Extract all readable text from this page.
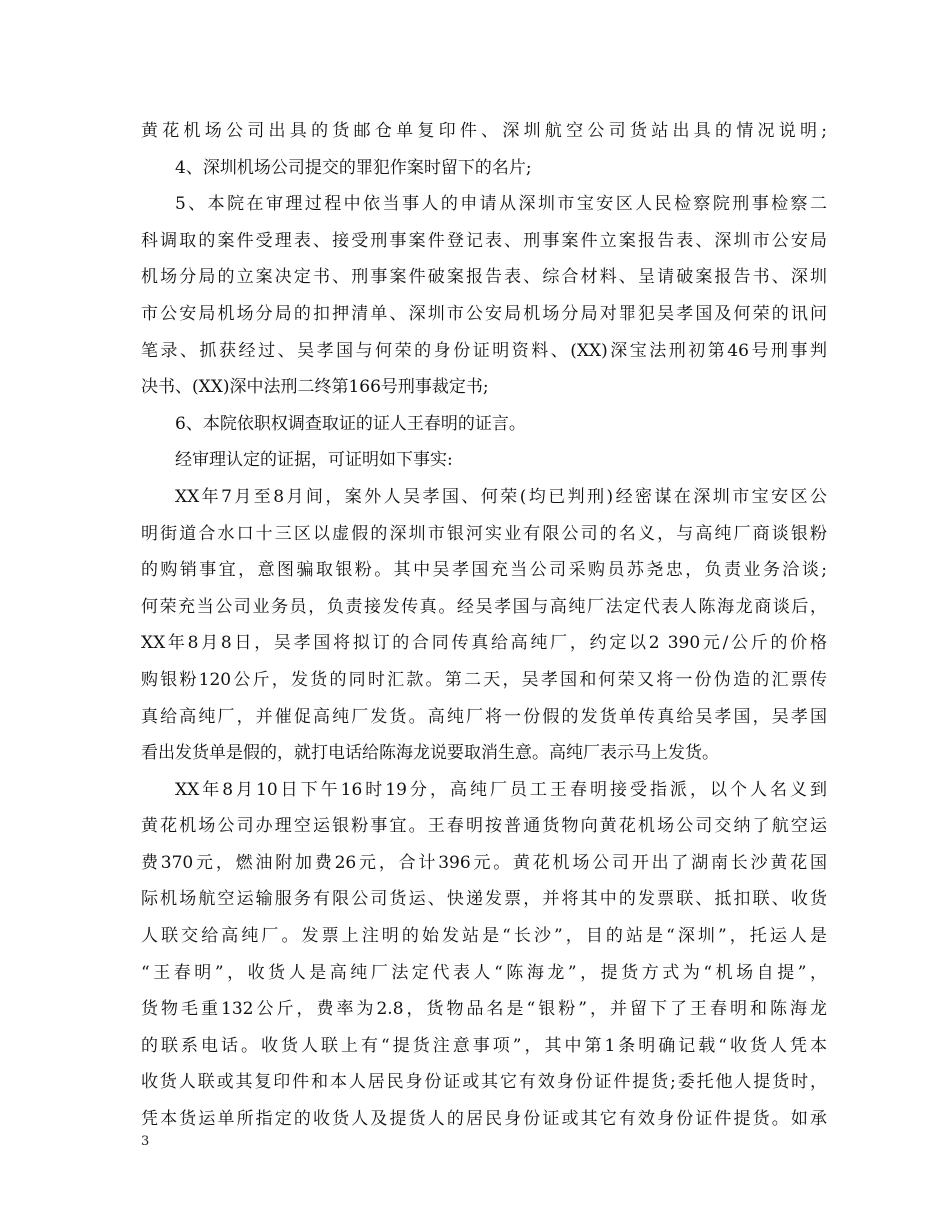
黄花机场公司出具的货邮仓单复印件、深圳航空公司货站出具的情况说明;
4、深圳机场公司提交的罪犯作案时留下的名片;
5、本院在审理过程中依当事人的申请从深圳市宝安区人民检察院刑事检察二
科调取的案件受理表、接受刑事案件登记表、刑事案件立案报告表、深圳市公安局
机场分局的立案决定书、刑事案件破案报告表、综合材料、呈请破案报告书、深圳
市公安局机场分局的扣押清单、深圳市公安局机场分局对罪犯吴孝国及何荣的讯问
笔录、抓获经过、吴孝国与何荣的身份证明资料、(XX)深宝法刑初第46号刑事判
决书、(XX)深中法刑二终第166号刑事裁定书;
6、本院依职权调查取证的证人王春明的证言。
经审理认定的证据，可证明如下事实:
XX年7月至8月间，案外人吴孝国、何荣(均已判刑)经密谋在深圳市宝安区公
明街道合水口十三区以虚假的深圳市银河实业有限公司的名义，与高纯厂商谈银粉
的购销事宜，意图骗取银粉。其中吴孝国充当公司采购员苏尧忠，负责业务洽谈;
何荣充当公司业务员，负责接发传真。经吴孝国与高纯厂法定代表人陈海龙商谈后，
XX年8月8日，吴孝国将拟订的合同传真给高纯厂，约定以2 390元/公斤的价格
购银粉120公斤，发货的同时汇款。第二天，吴孝国和何荣又将一份伪造的汇票传
真给高纯厂，并催促高纯厂发货。高纯厂将一份假的发货单传真给吴孝国，吴孝国
看出发货单是假的，就打电话给陈海龙说要取消生意。高纯厂表示马上发货。
XX年8月10日下午16时19分，高纯厂员工王春明接受指派，以个人名义到
黄花机场公司办理空运银粉事宜。王春明按普通货物向黄花机场公司交纳了航空运
费370元，燃油附加费26元，合计396元。黄花机场公司开出了湖南长沙黄花国
际机场航空运输服务有限公司货运、快递发票，并将其中的发票联、抵扣联、收货
人联交给高纯厂。发票上注明的始发站是“长沙”，目的站是“深圳”，托运人是
“王春明”，收货人是高纯厂法定代表人“陈海龙”，提货方式为“机场自提”，
货物毛重132公斤，费率为2.8，货物品名是“银粉”，并留下了王春明和陈海龙
的联系电话。收货人联上有“提货注意事项”，其中第1条明确记载“收货人凭本
收货人联或其复印件和本人居民身份证或其它有效身份证件提货;委托他人提货时，
凭本货运单所指定的收货人及提货人的居民身份证或其它有效身份证件提货。如承
3
